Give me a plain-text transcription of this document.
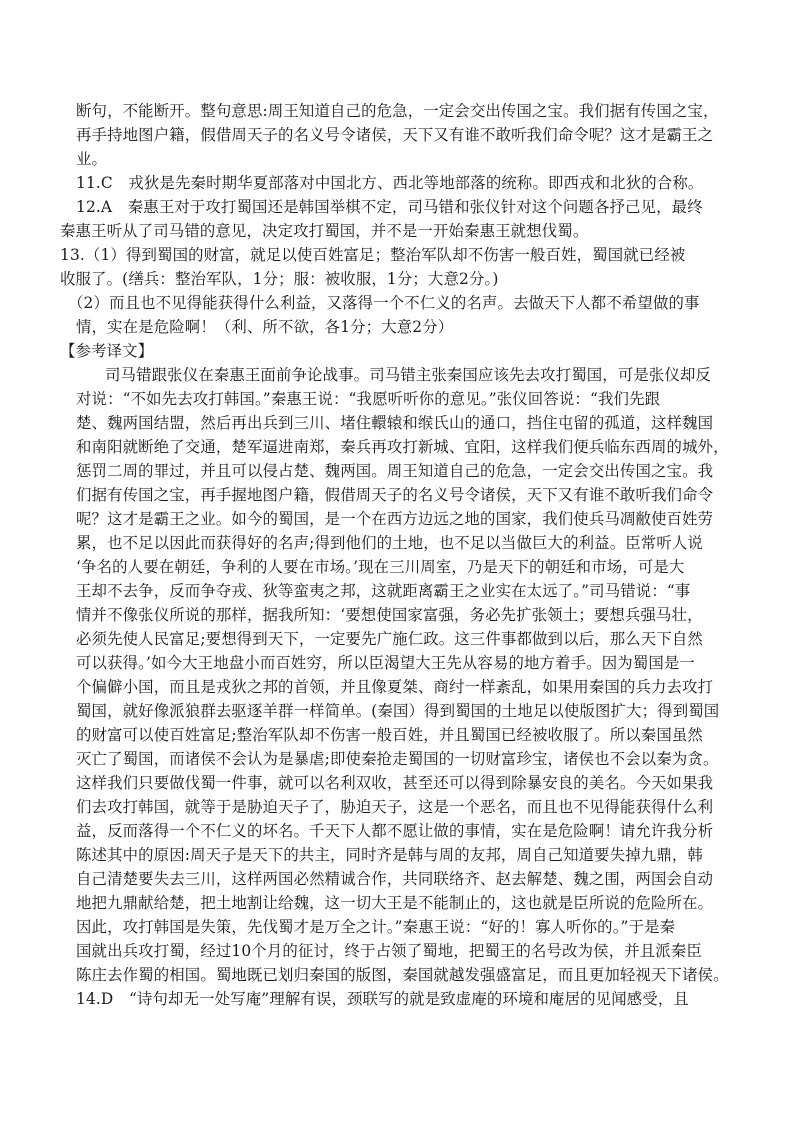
断句，不能断开。整句意思:周王知道自己的危急，一定会交出传国之宝。我们据有传国之宝，
再手持地图户籍，假借周天子的名义号令诸侯，天下又有谁不敢听我们命令呢？这才是霸王之
业。
11.C　戎狄是先秦时期华夏部落对中国北方、西北等地部落的统称。即西戎和北狄的合称。
12.A　秦惠王对于攻打蜀国还是韩国举棋不定，司马错和张仪针对这个问题各抒己见，最终
秦惠王听从了司马错的意见，决定攻打蜀国，并不是一开始秦惠王就想伐蜀。
13.（1）得到蜀国的财富，就足以使百姓富足；整治军队却不伤害一般百姓，蜀国就已经被
收服了。(缮兵：整治军队，1分；服：被收服，1分；大意2分。)
（2）而且也不见得能获得什么利益，又落得一个不仁义的名声。去做天下人都不希望做的事
情，实在是危险啊！（利、所不欲，各1分；大意2分）
【参考译文】
司马错跟张仪在秦惠王面前争论战事。司马错主张秦国应该先去攻打蜀国，可是张仪却反
对说：“不如先去攻打韩国。”秦惠王说：“我愿听听你的意见。”张仪回答说：“我们先跟
楚、魏两国结盟，然后再出兵到三川、堵住轘辕和缑氏山的通口，挡住屯留的孤道，这样魏国
和南阳就断绝了交通，楚军逼进南郑，秦兵再攻打新城、宜阳，这样我们便兵临东西周的城外，
惩罚二周的罪过，并且可以侵占楚、魏两国。周王知道自己的危急，一定会交出传国之宝。我
们据有传国之宝，再手握地图户籍，假借周天子的名义号令诸侯，天下又有谁不敢听我们命令
呢？这才是霸王之业。如今的蜀国，是一个在西方边远之地的国家，我们使兵马凋敝使百姓劳
累，也不足以因此而获得好的名声;得到他们的土地，也不足以当做巨大的利益。臣常听人说
‘争名的人要在朝廷，争利的人要在市场。’现在三川周室，乃是天下的朝廷和市场，可是大
王却不去争，反而争夺戎、狄等蛮夷之邦，这就距离霸王之业实在太远了。”司马错说：“事
情并不像张仪所说的那样，据我所知：‘要想使国家富强，务必先扩张领土；要想兵强马壮，
必须先使人民富足;要想得到天下，一定要先广施仁政。这三件事都做到以后，那么天下自然
可以获得。’如今大王地盘小而百姓穷，所以臣渴望大王先从容易的地方着手。因为蜀国是一
个偏僻小国，而且是戎狄之邦的首领，并且像夏桀、商纣一样紊乱，如果用秦国的兵力去攻打
蜀国，就好像派狼群去驱逐羊群一样简单。(秦国）得到蜀国的土地足以使版图扩大；得到蜀国
的财富可以使百姓富足;整治军队却不伤害一般百姓，并且蜀国已经被收服了。所以秦国虽然
灭亡了蜀国，而诸侯不会认为是暴虐;即使秦抢走蜀国的一切财富珍宝，诸侯也不会以秦为贪。
这样我们只要做伐蜀一件事，就可以名利双收，甚至还可以得到除暴安良的美名。今天如果我
们去攻打韩国，就等于是胁迫天子了，胁迫天子，这是一个恶名，而且也不见得能获得什么利
益，反而落得一个不仁义的坏名。千天下人都不愿让做的事情，实在是危险啊！请允许我分析
陈述其中的原因:周天子是天下的共主，同时齐是韩与周的友邦，周自己知道要失掉九鼎，韩
自己清楚要失去三川，这样两国必然精诚合作，共同联络齐、赵去解楚、魏之围，两国会自动
地把九鼎献给楚，把土地割让给魏，这一切大王是不能制止的，这也就是臣所说的危险所在。
因此，攻打韩国是失策，先伐蜀才是万全之计。”秦惠王说：“好的！寡人听你的。”于是秦
国就出兵攻打蜀，经过10个月的征讨，终于占领了蜀地，把蜀王的名号改为侯，并且派秦臣
陈庄去作蜀的相国。蜀地既已划归秦国的版图，秦国就越发强盛富足，而且更加轻视天下诸侯。
14.D　“诗句却无一处写庵”理解有误，颈联写的就是致虚庵的环境和庵居的见闻感受，且
